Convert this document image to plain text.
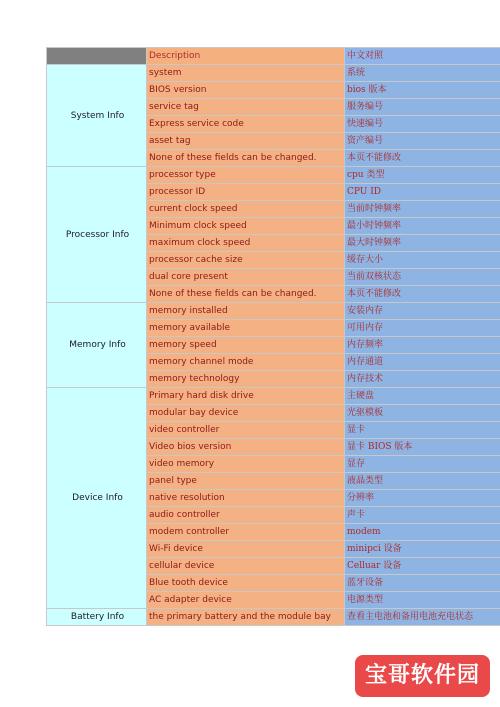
	Description	中文对照
System Info	system	系统
	BIOS version	bios 版本
	service tag	服务编号
	Express service code	快速编号
	asset tag	资产编号
	None of these fields can be changed.	本页不能修改
Processor Info	processor type	cpu 类型
	processor ID	CPU ID
	current clock speed	当前时钟频率
	Minimum clock speed	最小时钟频率
	maximum clock speed	最大时钟频率
	processor cache size	缓存大小
	dual core present	当前双核状态
	None of these fields can be changed.	本页不能修改
Memory Info	memory installed	安装内存
	memory available	可用内存
	memory speed	内存频率
	memory channel mode	内存通道
	memory technology	内存技术
Device Info	Primary hard disk drive	主硬盘
	modular bay device	光驱模板
	video controller	显卡
	Video bios version	显卡 BIOS 版本
	video memory	显存
	panel type	液晶类型
	native resolution	分辨率
	audio controller	声卡
	modem controller	modem
	Wi-Fi device	minipci 设备
	cellular device	Celluar 设备
	Blue tooth device	蓝牙设备
	AC adapter device	电源类型
Battery Info	the primary battery and the module bay	查看主电池和备用电池充电状态
宝哥软件园
